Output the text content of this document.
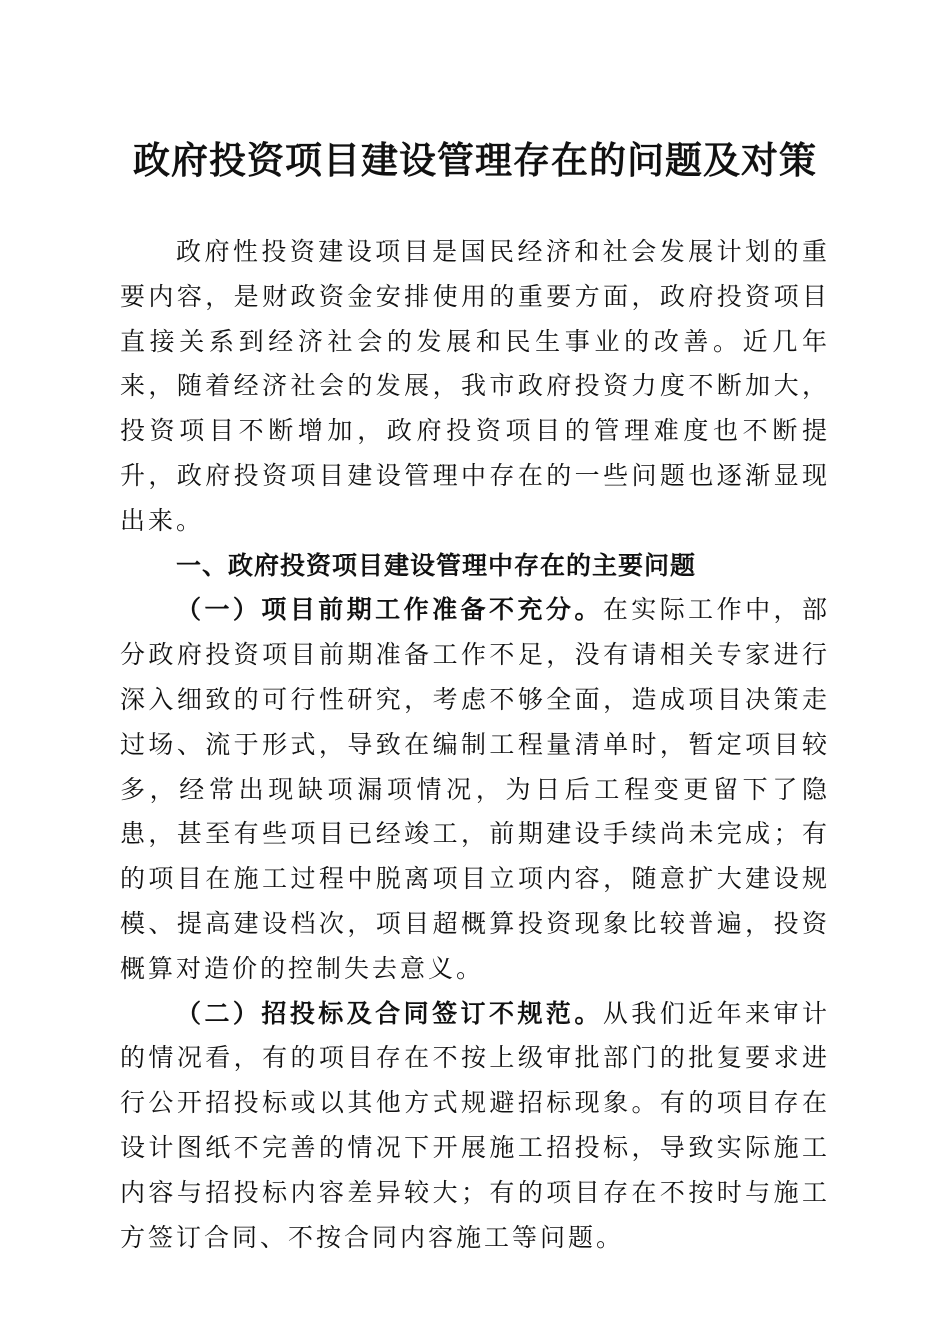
政府投资项目建设管理存在的问题及对策

政府性投资建设项目是国民经济和社会发展计划的重要内容，是财政资金安排使用的重要方面，政府投资项目直接关系到经济社会的发展和民生事业的改善。近几年来，随着经济社会的发展，我市政府投资力度不断加大，投资项目不断增加，政府投资项目的管理难度也不断提升，政府投资项目建设管理中存在的一些问题也逐渐显现出来。

一、政府投资项目建设管理中存在的主要问题

（一）项目前期工作准备不充分。在实际工作中，部分政府投资项目前期准备工作不足，没有请相关专家进行深入细致的可行性研究，考虑不够全面，造成项目决策走过场、流于形式，导致在编制工程量清单时，暂定项目较多，经常出现缺项漏项情况，为日后工程变更留下了隐患，甚至有些项目已经竣工，前期建设手续尚未完成；有的项目在施工过程中脱离项目立项内容，随意扩大建设规模、提高建设档次，项目超概算投资现象比较普遍，投资概算对造价的控制失去意义。

（二）招投标及合同签订不规范。从我们近年来审计的情况看，有的项目存在不按上级审批部门的批复要求进行公开招投标或以其他方式规避招标现象。有的项目存在设计图纸不完善的情况下开展施工招投标，导致实际施工内容与招投标内容差异较大；有的项目存在不按时与施工方签订合同、不按合同内容施工等问题。
